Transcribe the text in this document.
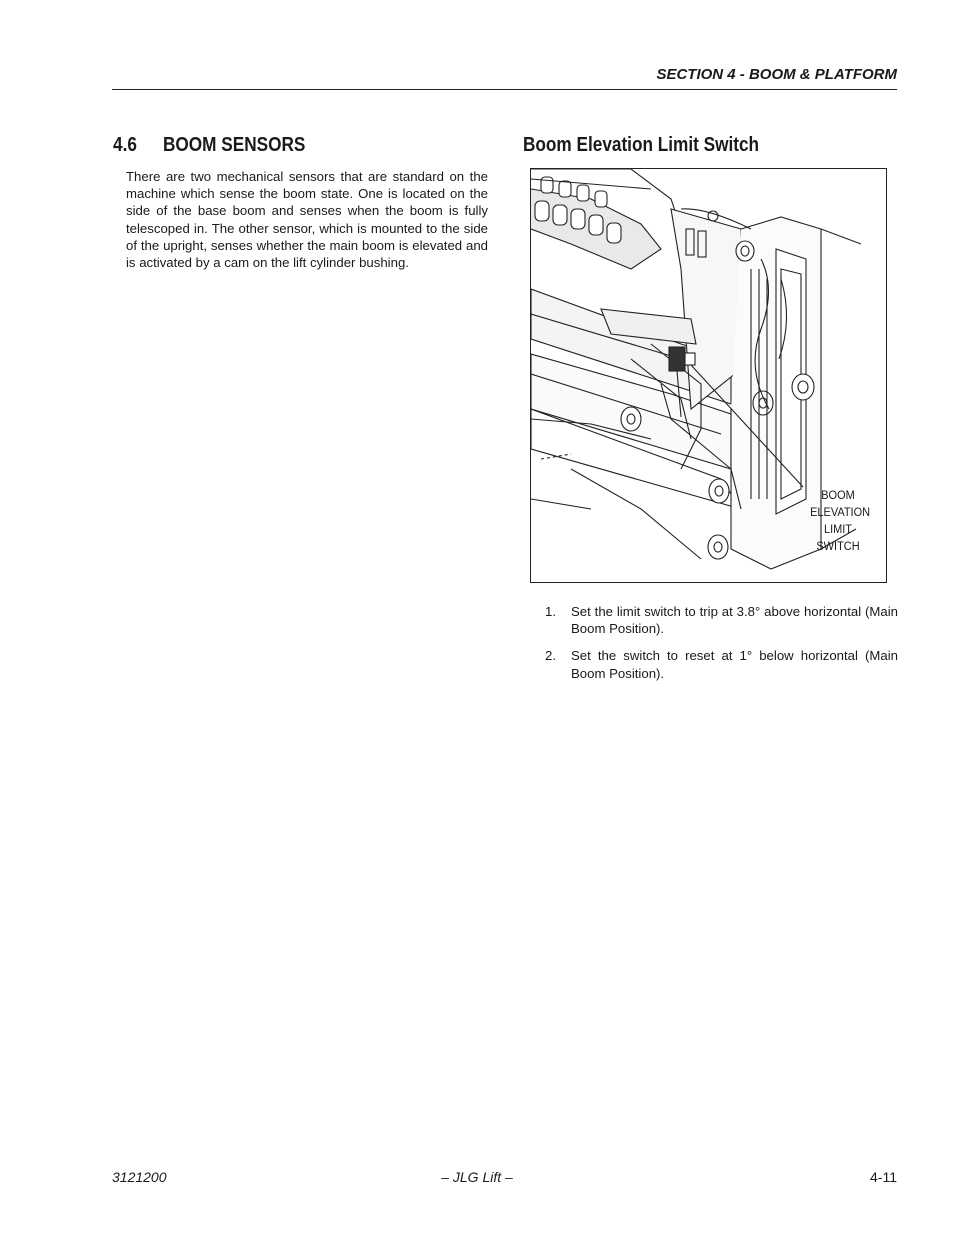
SECTION 4 - BOOM & PLATFORM
4.6 BOOM SENSORS
There are two mechanical sensors that are standard on the machine which sense the boom state. One is located on the side of the base boom and senses when the boom is fully telescoped in. The other sensor, which is mounted to the side of the upright, senses whether the main boom is elevated and is activated by a cam on the lift cylinder bushing.
Boom Elevation Limit Switch
BOOM
ELEVATION
LIMIT
SWITCH
1. Set the limit switch to trip at 3.8° above horizontal (Main Boom Position).
2. Set the switch to reset at 1° below horizontal (Main Boom Position).
3121200	– JLG Lift –	4-11
